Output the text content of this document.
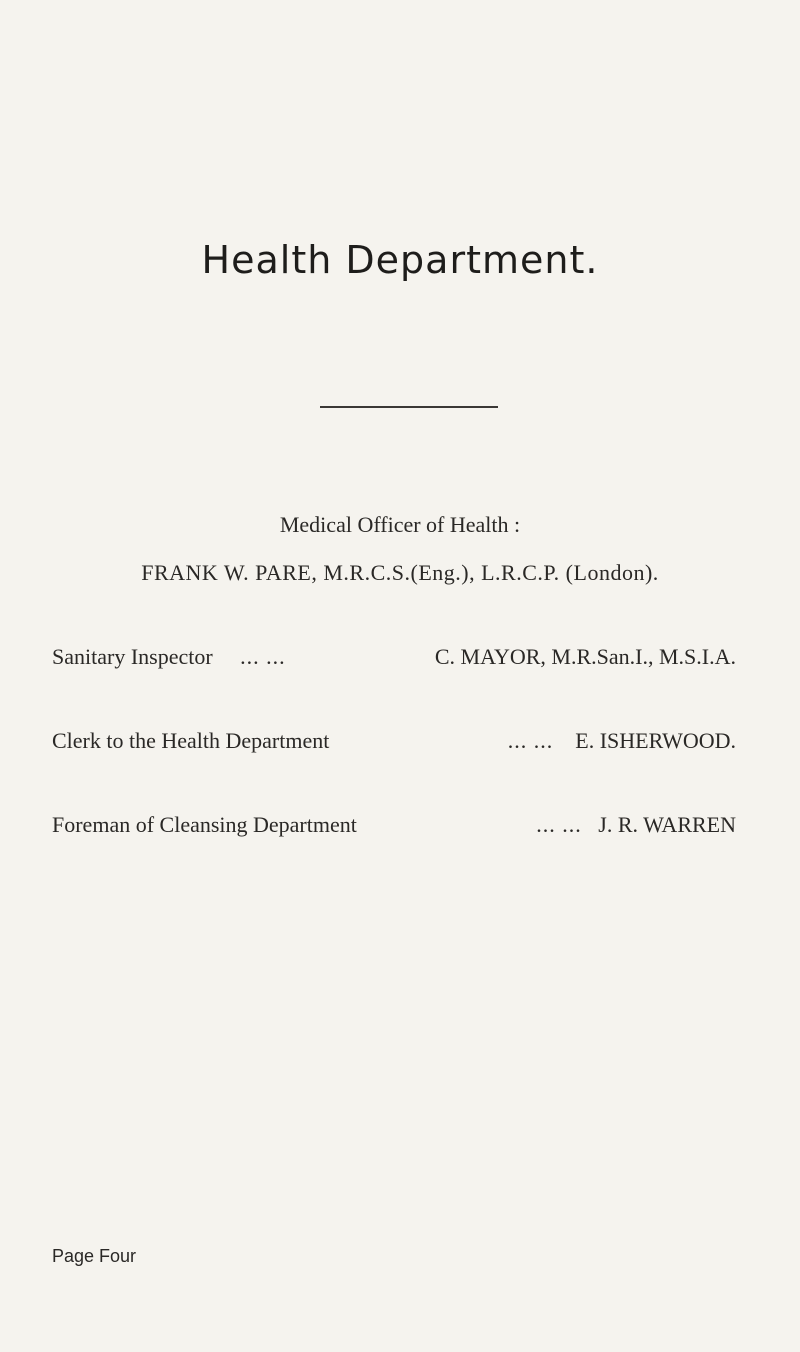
Health Department.
Medical Officer of Health :
FRANK W. PARE, M.R.C.S.(Eng.), L.R.C.P. (London).
Sanitary Inspector ... ...	C. MAYOR, M.R.San.I., M.S.I.A.
Clerk to the Health Department	... ... E. ISHERWOOD.
Foreman of Cleansing Department	... ... J. R. WARREN
Page Four
